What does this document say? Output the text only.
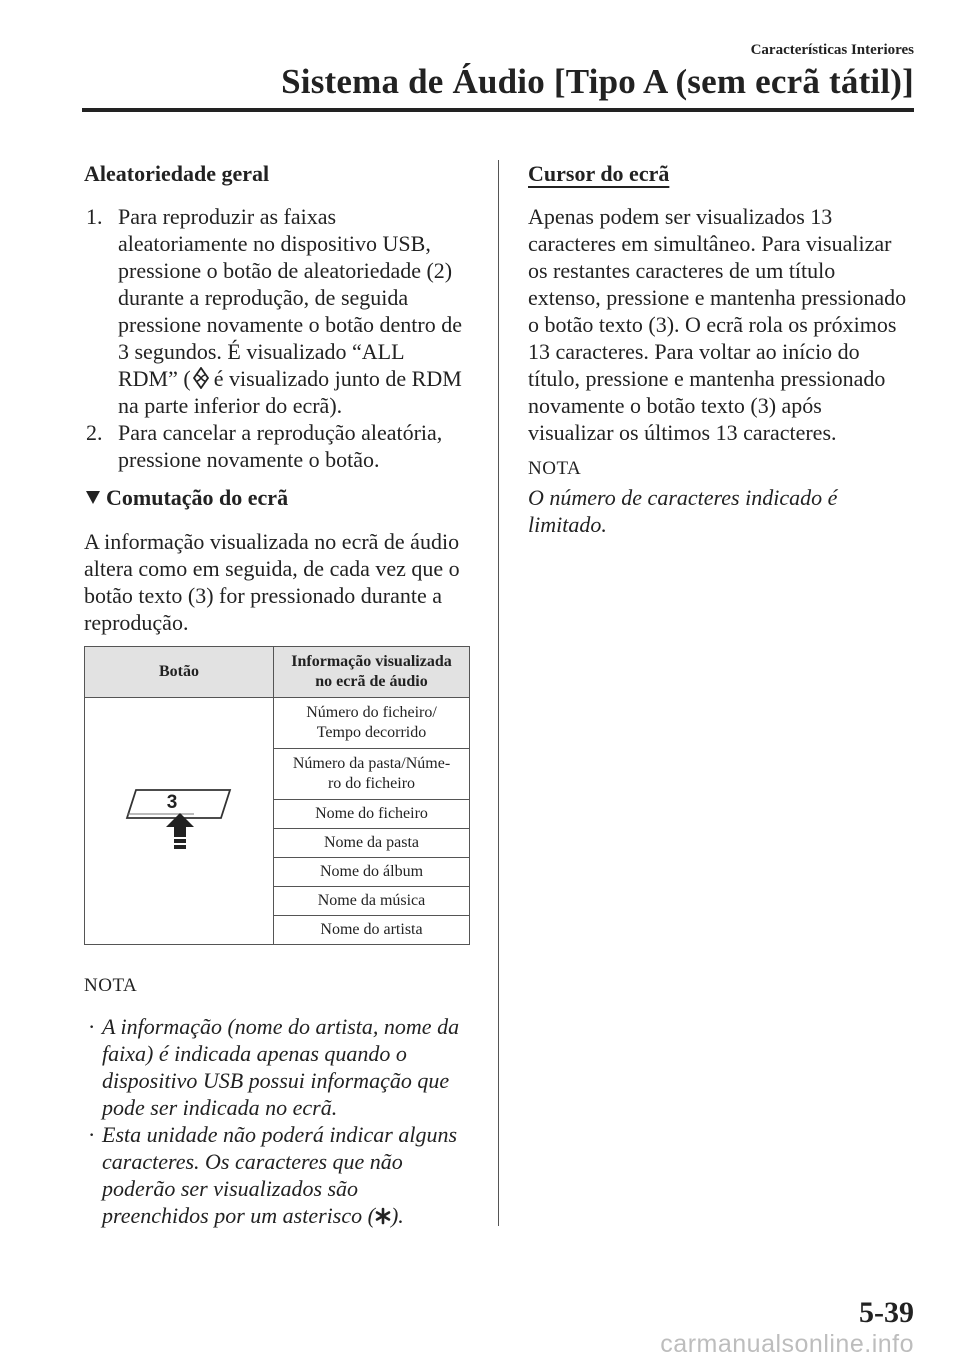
Características Interiores
Sistema de Áudio [Tipo A (sem ecrã tátil)]
Aleatoriedade geral
1. Para reproduzir as faixas
aleatoriamente no dispositivo USB,
pressione o botão de aleatoriedade (2)
durante a reprodução, de seguida
pressione novamente o botão dentro de
3 segundos. É visualizado “ALL
RDM” ( é visualizado junto de RDM
na parte inferior do ecrã).
2. Para cancelar a reprodução aleatória,
pressione novamente o botão.
Comutação do ecrã
A informação visualizada no ecrã de áudio
altera como em seguida, de cada vez que o
botão texto (3) for pressionado durante a
reprodução.
Botão	Informação visualizada
no ecrã de áudio

3	Número do ficheiro/
Tempo decorrido

	Número da pasta/Núme-
ro do ficheiro

	Nome do ficheiro
	Nome da pasta
	Nome do álbum
	Nome da música
	Nome do artista
NOTA
· A informação (nome do artista, nome da
faixa) é indicada apenas quando o
dispositivo USB possui informação que
pode ser indicada no ecrã.
· Esta unidade não poderá indicar alguns
caracteres. Os caracteres que não
poderão ser visualizados são
preenchidos por um asterisco ( ).
Cursor do ecrã
Apenas podem ser visualizados 13
caracteres em simultâneo. Para visualizar
os restantes caracteres de um título
extenso, pressione e mantenha pressionado
o botão texto (3). O ecrã rola os próximos
13 caracteres. Para voltar ao início do
título, pressione e mantenha pressionado
novamente o botão texto (3) após
visualizar os últimos 13 caracteres.
NOTA
O número de caracteres indicado é
limitado.
5-39
carmanualsonline.info
